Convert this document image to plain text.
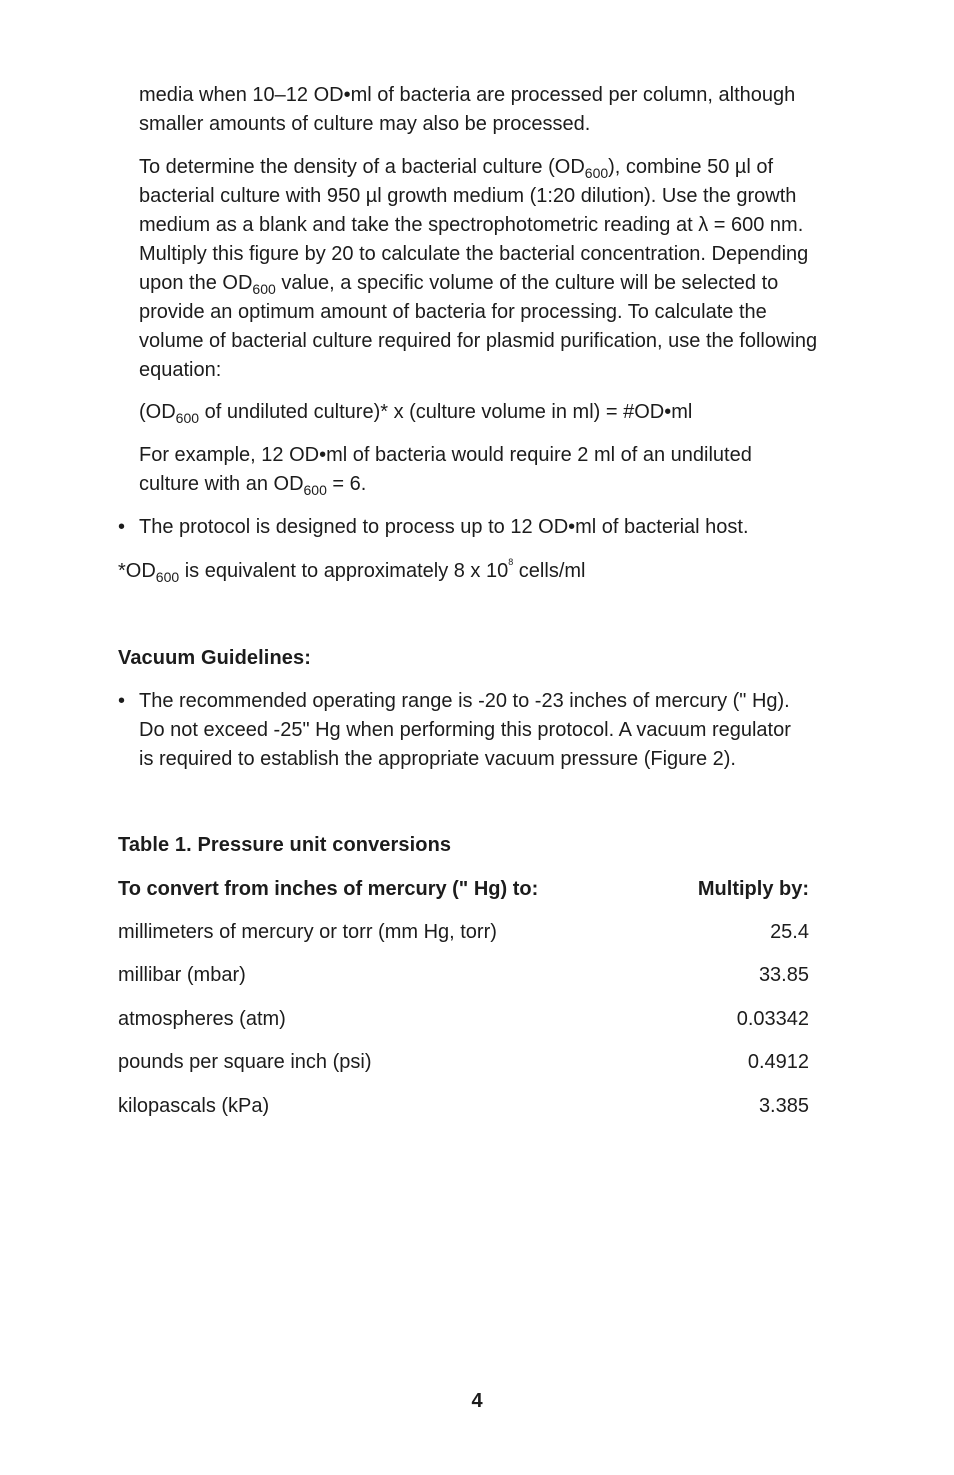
media when 10–12 OD•ml of bacteria are processed per column, although
smaller amounts of culture may also be processed.

To determine the density of a bacterial culture $(OD_{600})$, combine 50 µl of
bacterial culture with 950 µl growth medium (1:20 dilution). Use the growth
medium as a blank and take the spectrophotometric reading at λ = 600 nm.
Multiply this figure by 20 to calculate the bacterial concentration. Depending
upon the $OD_{600}$ value, a specific volume of the culture will be selected to
provide an optimum amount of bacteria for processing. To calculate the
volume of bacterial culture required for plasmid purification, use the following
equation:

($OD_{600}$ of undiluted culture)* x (culture volume in ml) = #OD•ml

For example, 12 OD•ml of bacteria would require 2 ml of an undiluted
culture with an $OD_{600} = 6$.

• The protocol is designed to process up to 12 OD•ml of bacterial host.

$*OD_{600}$ is equivalent to approximately 8 x $10^8$ cells/ml

Vacuum Guidelines:

• The recommended operating range is -20 to -23 inches of mercury (" Hg).
Do not exceed -25" Hg when performing this protocol. A vacuum regulator
is required to establish the appropriate vacuum pressure (Figure 2).

Table 1. Pressure unit conversions

To convert from inches of mercury (" Hg) to:	Multiply by:
millimeters of mercury or torr (mm Hg, torr)	25.4
millibar (mbar)	33.85
atmospheres (atm)	0.03342
pounds per square inch (psi)	0.4912
kilopascals (kPa)	3.385
4
